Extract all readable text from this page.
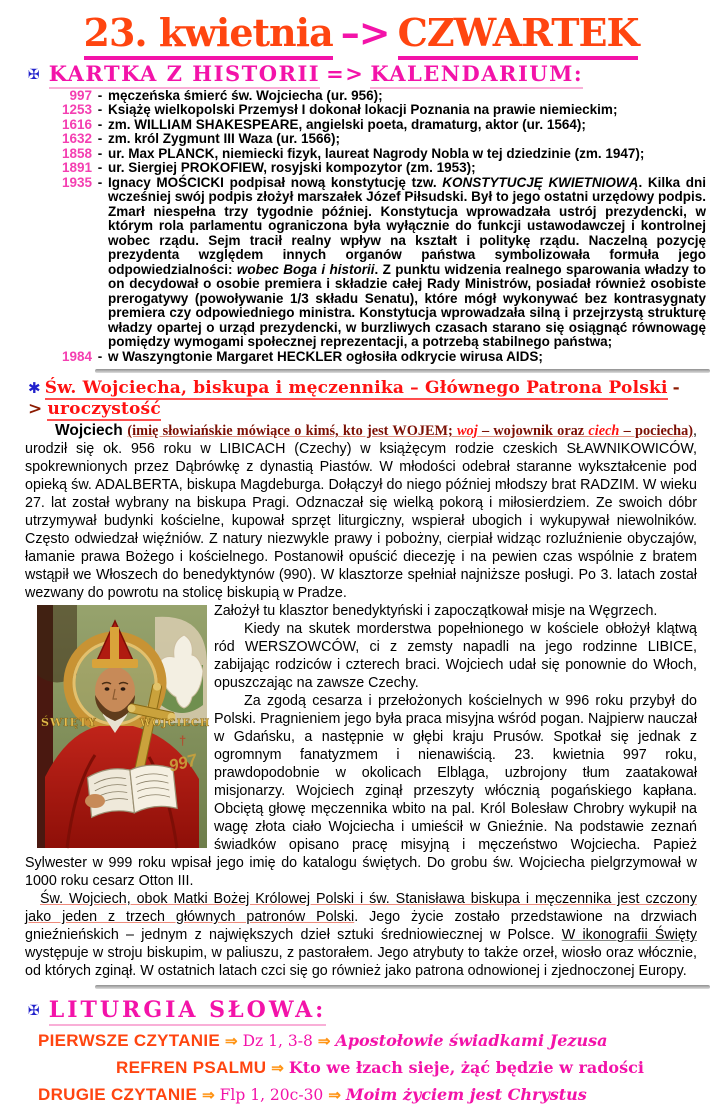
23. kwietnia –> CZWARTEK
✠ KARTKA Z HISTORII => KALENDARIUM:
997 - męczeńska śmierć św. Wojciecha (ur. 956);
1253 - Książę wielkopolski Przemysł I dokonał lokacji Poznania na prawie niemieckim;
1616 - zm. WILLIAM SHAKESPEARE, angielski poeta, dramaturg, aktor (ur. 1564);
1632 - zm. król Zygmunt III Waza (ur. 1566);
1858 - ur. Max PLANCK, niemiecki fizyk, laureat Nagrody Nobla w tej dziedzinie (zm. 1947);
1891 - ur. Siergiej PROKOFIEW, rosyjski kompozytor (zm. 1953);
1935 - Ignacy MOŚCICKI podpisał nową konstytucję tzw. KONSTYTUCJĘ KWIETNIOWĄ. Kilka dni wcześniej swój podpis złożył marszałek Józef Piłsudski. Był to jego ostatni urzędowy podpis. Zmarł niespełna trzy tygodnie później. Konstytucja wprowadzała ustrój prezydencki, w którym rola parlamentu ograniczona była wyłącznie do funkcji ustawodawczej i kontrolnej wobec rządu. Sejm tracił realny wpływ na kształt i politykę rządu. Naczelną pozycję prezydenta względem innych organów państwa symbolizowała formuła jego odpowiedzialności: wobec Boga i historii. Z punktu widzenia realnego sparowania władzy to on decydował o osobie premiera i składzie całej Rady Ministrów, posiadał również osobiste prerogatywy (powoływanie 1/3 składu Senatu), które mógł wykonywać bez kontrasygnaty premiera czy odpowiedniego ministra. Konstytucja wprowadzała silną i przejrzystą strukturę władzy opartej o urząd prezydencki, w burzliwych czasach starano się osiągnąć równowagę pomiędzy wymogami społecznej reprezentacji, a potrzebą stabilnego państwa;
1984 - w Waszyngtonie Margaret HECKLER ogłosiła odkrycie wirusa AIDS;
✱ Św. Wojciecha, biskupa i męczennika – Głównego Patrona Polski -> uroczystość

Wojciech (imię słowiańskie mówiące o kimś, kto jest WOJEM; woj – wojownik oraz ciech – pociecha), urodził się ok. 956 roku w LIBICACH (Czechy) w książęcym rodzie czeskich SŁAWNIKOWICÓW, spokrewnionych przez Dąbrówkę z dynastią Piastów. W młodości odebrał staranne wykształcenie pod opieką św. ADALBERTA, biskupa Magdeburga. Dołączył do niego później młodszy brat RADZIM. W wieku 27. lat został wybrany na biskupa Pragi. Odznaczał się wielką pokorą i miłosierdziem. Ze swoich dóbr utrzymywał budynki kościelne, kupował sprzęt liturgiczny, wspierał ubogich i wykupywał niewolników. Często odwiedzał więźniów. Z natury niezwykle prawy i pobożny, cierpiał widząc rozluźnienie obyczajów, łamanie prawa Bożego i kościelnego. Postanowił opuścić diecezję i na pewien czas wspólnie z bratem wstąpił we Włoszech do benedyktynów (990). W klasztorze spełniał najniższe posługi. Po 3. latach został wezwany do powrotu na stolicę biskupią w Pradze.

ŚWIĘTY	WOJCIECH
†
997

Założył tu klasztor benedyktyński i zapoczątkował misje na Węgrzech.

Kiedy na skutek morderstwa popełnionego w kościele obłożył klątwą ród WERSZOWCÓW, ci z zemsty napadli na jego rodzinne LIBICE, zabijając rodziców i czterech braci. Wojciech udał się ponownie do Włoch, opuszczając na zawsze Czechy.

Za zgodą cesarza i przełożonych kościelnych w 996 roku przybył do Polski. Pragnieniem jego była praca misyjna wśród pogan. Najpierw nauczał w Gdańsku, a następnie w głębi kraju Prusów. Spotkał się jednak z ogromnym fanatyzmem i nienawiścią. 23. kwietnia 997 roku, prawdopodobnie w okolicach Elbląga, uzbrojony tłum zaatakował misjonarzy. Wojciech zginął przeszyty włócznią pogańskiego kapłana. Obciętą głowę męczennika wbito na pal. Król Bolesław Chrobry wykupił na wagę złota ciało Wojciecha i umieścił w Gnieźnie. Na podstawie zeznań świadków opisano pracę misyjną i męczeństwo Wojciecha. Papież Sylwester w 999 roku wpisał jego imię do katalogu świętych. Do grobu św. Wojciecha pielgrzymował w 1000 roku cesarz Otton III.

Św. Wojciech, obok Matki Bożej Królowej Polski i św. Stanisława biskupa i męczennika jest czczony jako jeden z trzech głównych patronów Polski. Jego życie zostało przedstawione na drzwiach gnieźnieńskich – jednym z największych dzieł sztuki średniowiecznej w Polsce. W ikonografii Święty występuje w stroju biskupim, w paliuszu, z pastorałem. Jego atrybuty to także orzeł, wiosło oraz włócznie, od których zginął. W ostatnich latach czci się go również jako patrona odnowionej i zjednoczonej Europy.

✠ LITURGIA SŁOWA:
PIERWSZE CZYTANIE ⇒ Dz 1, 3-8 ⇒ Apostołowie świadkami Jezusa
REFREN PSALMU ⇒ Kto we łzach sieje, żąć będzie w radości
DRUGIE CZYTANIE ⇒ Flp 1, 20c-30 ⇒ Moim życiem jest Chrystus
